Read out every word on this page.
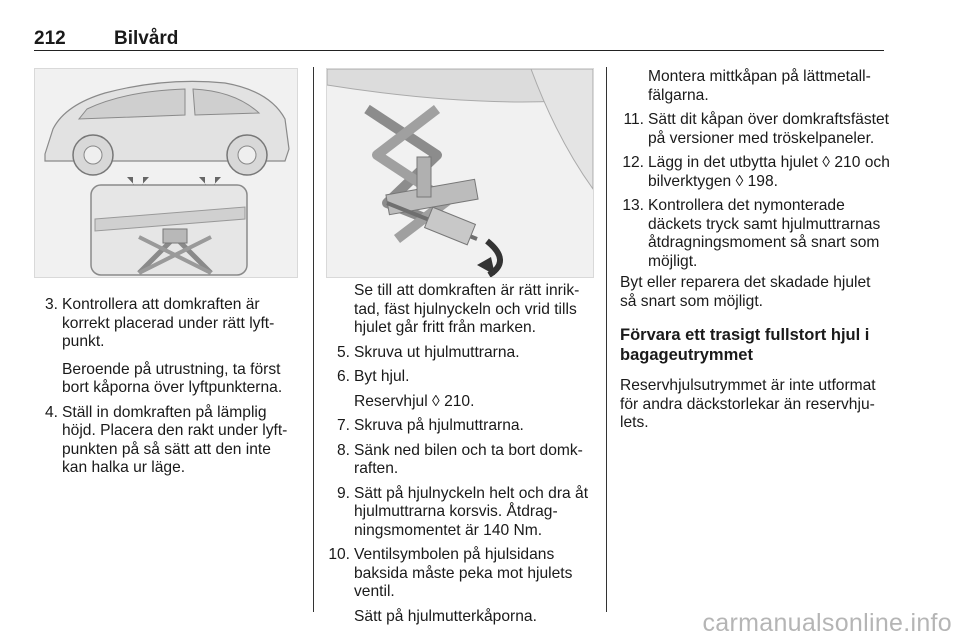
212	Bilvård
3. Kontrollera att domkraften är korrekt placerad under rätt lyftpunkt.

Beroende på utrustning, ta först bort kåporna över lyftpunkterna.

4. Ställ in domkraften på lämplig höjd. Placera den rakt under lyftpunkten på så sätt att den inte kan halka ur läge.

Se till att domkraften är rätt inriktad, fäst hjulnyckeln och vrid tills hjulet går fritt från marken.

5. Skruva ut hjulmuttrarna.
6. Byt hjul.

Reservhjul ◊ 210.

7. Skruva på hjulmuttrarna.
8. Sänk ned bilen och ta bort domkraften.
9. Sätt på hjulnyckeln helt och dra åt hjulmuttrarna korsvis. Åtdragningsmomentet är 140 Nm.
10. Ventilsymbolen på hjulsidans baksida måste peka mot hjulets ventil.

Sätt på hjulmutterkåporna.

Montera mittkåpan på lättmetallfälgarna.

11. Sätt dit kåpan över domkraftsfästet på versioner med tröskelpaneler.
12. Lägg in det utbytta hjulet ◊ 210 och bilverktygen ◊ 198.
13. Kontrollera det nymonterade däckets tryck samt hjulmuttrarnas åtdragningsmoment så snart som möjligt.

Byt eller reparera det skadade hjulet så snart som möjligt.

Förvara ett trasigt fullstort hjul i bagageutrymmet

Reservhjulsutrymmet är inte utformat för andra däckstorlekar än reservhjulets.

carmanualsonline.info
